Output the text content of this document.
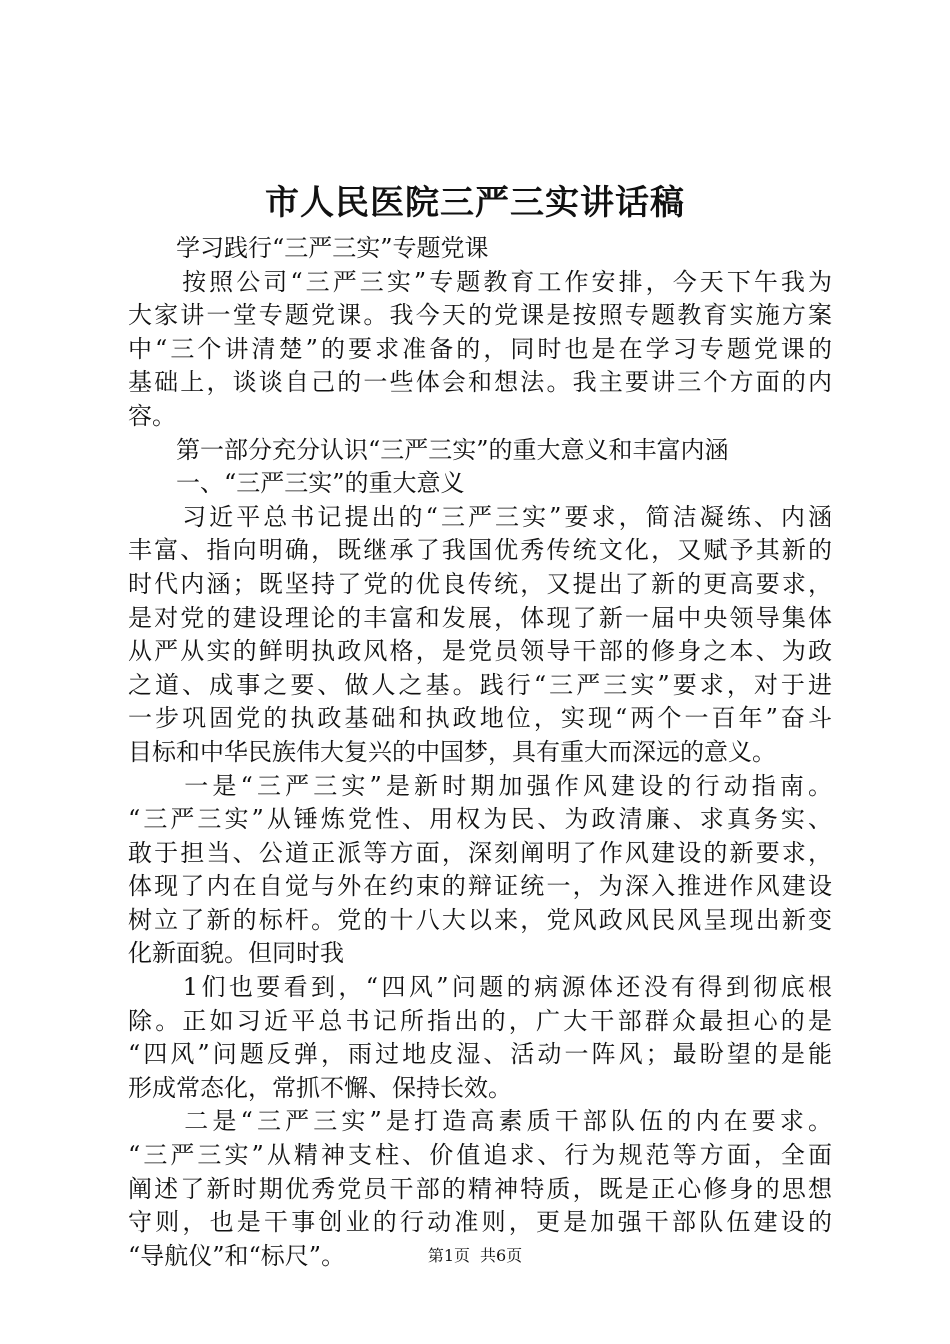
市人民医院三严三实讲话稿
　　学习践行“三严三实”专题党课
　　按照公司“三严三实”专题教育工作安排，今天下午我为
大家讲一堂专题党课。我今天的党课是按照专题教育实施方案
中“三个讲清楚”的要求准备的，同时也是在学习专题党课的
基础上，谈谈自己的一些体会和想法。我主要讲三个方面的内
容。
　　第一部分充分认识“三严三实”的重大意义和丰富内涵
　　一、“三严三实”的重大意义
　　习近平总书记提出的“三严三实”要求，简洁凝练、内涵
丰富、指向明确，既继承了我国优秀传统文化，又赋予其新的
时代内涵；既坚持了党的优良传统，又提出了新的更高要求，
是对党的建设理论的丰富和发展，体现了新一届中央领导集体
从严从实的鲜明执政风格，是党员领导干部的修身之本、为政
之道、成事之要、做人之基。践行“三严三实”要求，对于进
一步巩固党的执政基础和执政地位，实现“两个一百年”奋斗
目标和中华民族伟大复兴的中国梦，具有重大而深远的意义。
　　一是“三严三实”是新时期加强作风建设的行动指南。
“三严三实”从锤炼党性、用权为民、为政清廉、求真务实、
敢于担当、公道正派等方面，深刻阐明了作风建设的新要求，
体现了内在自觉与外在约束的辩证统一，为深入推进作风建设
树立了新的标杆。党的十八大以来，党风政风民风呈现出新变
化新面貌。但同时我
　　1们也要看到，“四风”问题的病源体还没有得到彻底根
除。正如习近平总书记所指出的，广大干部群众最担心的是
“四风”问题反弹，雨过地皮湿、活动一阵风；最盼望的是能
形成常态化，常抓不懈、保持长效。
　　二是“三严三实”是打造高素质干部队伍的内在要求。
“三严三实”从精神支柱、价值追求、行为规范等方面，全面
阐述了新时期优秀党员干部的精神特质，既是正心修身的思想
守则，也是干事创业的行动准则，更是加强干部队伍建设的
“导航仪”和“标尺”。	第1页 共6页
